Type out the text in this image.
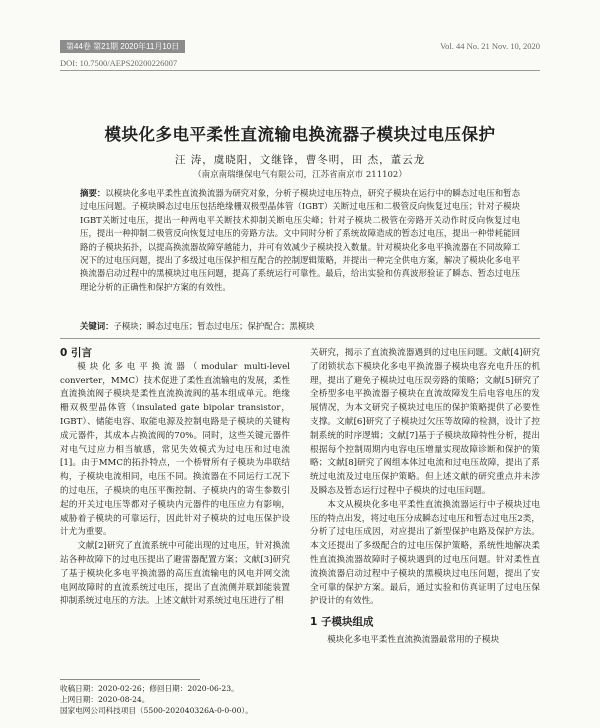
第44卷 第21期 2020年11月10日	Vol. 44 No. 21 Nov. 10, 2020
DOI: 10.7500/AEPS20200226007
模块化多电平柔性直流输电换流器子模块过电压保护
汪 涛，虞晓阳，文继锋，曹冬明，田 杰，董云龙
（南京南瑞继保电气有限公司，江苏省南京市 211102）
摘要：以模块化多电平柔性直流换流器为研究对象，分析子模块过电压特点，研究子模块在运行中的瞬态过电压和暂态过电压问题。子模块瞬态过电压包括绝缘栅双极型晶体管（IGBT）关断过电压和二极管反向恢复过电压；针对子模块IGBT关断过电压，提出一种两电平关断技术抑制关断电压尖峰；针对子模块二极管在旁路开关动作时反向恢复过电压，提出一种抑制二极管反向恢复过电压的旁路方法。文中同时分析了系统故障造成的暂态过电压，提出一种带耗能回路的子模块拓扑，以提高换流器故障穿越能力，并可有效减少子模块投入数量。针对模块化多电平换流器在不同故障工况下的过电压问题，提出了多级过电压保护相互配合的控制逻辑策略，并提出一种完全供电方案，解决了模块化多电平换流器启动过程中的黑模块过电压问题，提高了系统运行可靠性。最后，给出实验和仿真波形验证了瞬态、暂态过电压理论分析的正确性和保护方案的有效性。
关键词：子模块；瞬态过电压；暂态过电压；保护配合；黑模块

0 引言

模块化多电平换流器（modular multi-level converter，MMC）技术促进了柔性直流输电的发展，柔性直流换流阀子模块是柔性直流换流阀的基本组成单元。绝缘栅双极型晶体管（insulated gate bipolar transistor，IGBT）、储能电容、取能电源及控制电路是子模块的关键构成元器件，其成本占换流阀的70%。同时，这些关键元器件对电气过应力相当敏感，常见失效模式为过电压和过电流[1]。由于MMC的拓扑特点，一个桥臂所有子模块为串联结构，子模块电流相同，电压不同。换流器在不同运行工况下的过电压，子模块的电压平衡控制、子模块内的寄生参数引起的开关过电压等都对子模块内元器件的电压应力有影响，威胁着子模块的可靠运行，因此针对子模块的过电压保护设计尤为重要。

文献[2]研究了直流系统中可能出现的过电压，针对换流站各种故障下的过电压提出了避雷器配置方案；文献[3]研究了基于模块化多电平换流器的高压直流输电的风电并网交流电网故障时的直流系统过电压，提出了直流侧并联卸能装置抑制系统过电压的方法。上述文献针对系统过电压进行了相

关研究，揭示了直流换流器遇到的过电压问题。文献[4]研究了闭锁状态下模块化多电平换流器子模块电容充电升压的机理，提出了避免子模块过电压误旁路的策略；文献[5]研究了全桥型多电平换流器子模块在直流故障发生后电容电压的发展情况，为本文研究子模块过电压的保护策略提供了必要性支撑。文献[6]研究了子模块过欠压等故障的检测，设计了控制系统的时序逻辑；文献[7]基于子模块故障特性分析，提出根据每个控制周期内电容电压增量实现故障诊断和保护的策略；文献[8]研究了阀组本体过电流和过电压故障，提出了系统过电流及过电压保护策略。但上述文献的研究重点并未涉及瞬态及暂态运行过程中子模块的过电压问题。

本文从模块化多电平柔性直流换流器运行中子模块过电压的特点出发，将过电压分成瞬态过电压和暂态过电压2类，分析了过电压成因，对应提出了新型保护电路及保护方法。本文还提出了多级配合的过电压保护策略，系统性地解决柔性直流换流器故障时子模块遇到的过电压问题。针对柔性直流换流器启动过程中子模块的黑模块过电压问题，提出了安全可靠的保护方案。最后，通过实验和仿真证明了过电压保护设计的有效性。

1 子模块组成

模块化多电平柔性直流换流器最常用的子模块

收稿日期：2020-02-26；修回日期：2020-06-23。
上网日期：2020-08-24。
国家电网公司科技项目（5500-202040326A-0-0-00）。
